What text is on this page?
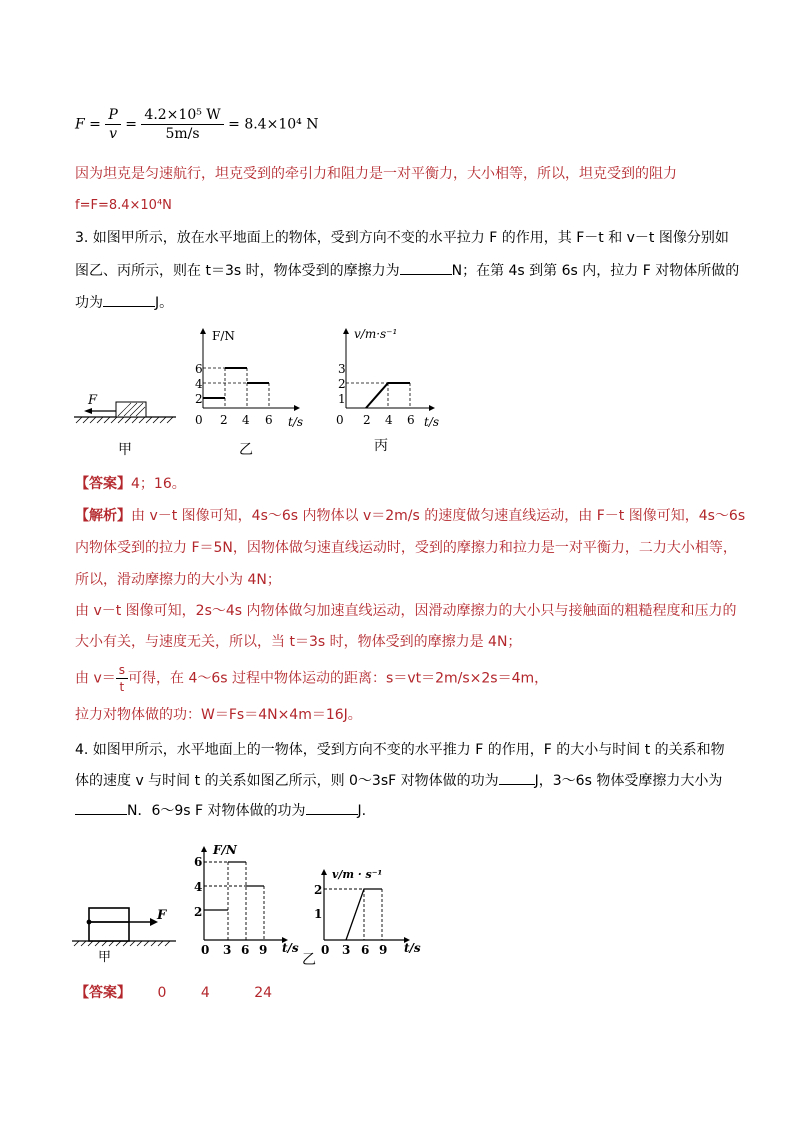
$F = \frac{P}{v} = \frac{\text{4.2×10⁵ W}}{5m/s} = 8.4\times 10^4$ N
因为坦克是匀速航行，坦克受到的牵引力和阻力是一对平衡力，大小相等，所以，坦克受到的阻力
f=F=8.4×10⁴N
3. 如图甲所示，放在水平地面上的物体，受到方向不变的水平拉力 F 的作用，其 F－t 和 v－t 图像分别如
图乙、丙所示，则在 t＝3s 时，物体受到的摩擦力为	N；在第 4s 到第 6s 内，拉力 F 对物体所做的
功为	J。
F
甲
F/N
t/s
6
4
2
0 2 4 6
乙
v/m·s⁻¹
t/s
3
2
1
0 2 4 6
丙
【答案】4；16。
【解析】由 v－t 图像可知，4s～6s 内物体以 v＝2m/s 的速度做匀速直线运动，由 F－t 图像可知，4s～6s
内物体受到的拉力 F＝5N，因物体做匀速直线运动时，受到的摩擦力和拉力是一对平衡力，二力大小相等，
所以，滑动摩擦力的大小为 4N；
由 v－t 图像可知，2s～4s 内物体做匀加速直线运动，因滑动摩擦力的大小只与接触面的粗糙程度和压力的
大小有关，与速度无关，所以，当 t＝3s 时，物体受到的摩擦力是 4N；
由 $v= \frac{s}{t}$ 可得，在 4～6s 过程中物体运动的距离：s＝vt＝2m/s×2s＝4m，
拉力对物体做的功：W＝Fs＝4N×4m＝16J。
4. 如图甲所示，水平地面上的一物体，受到方向不变的水平推力 F 的作用，F 的大小与时间 t 的关系和物
体的速度 v 与时间 t 的关系如图乙所示，则 0～3sF 对物体做的功为	J，3～6s 物体受摩擦力大小为
N．6～9s F 对物体做的功为	J.
F
甲
F/N
t/s
6
4
2
0 3 6 9
乙
v/m · s⁻¹
t/s
2
1
0 3 6 9
【答案】 0 4	24
